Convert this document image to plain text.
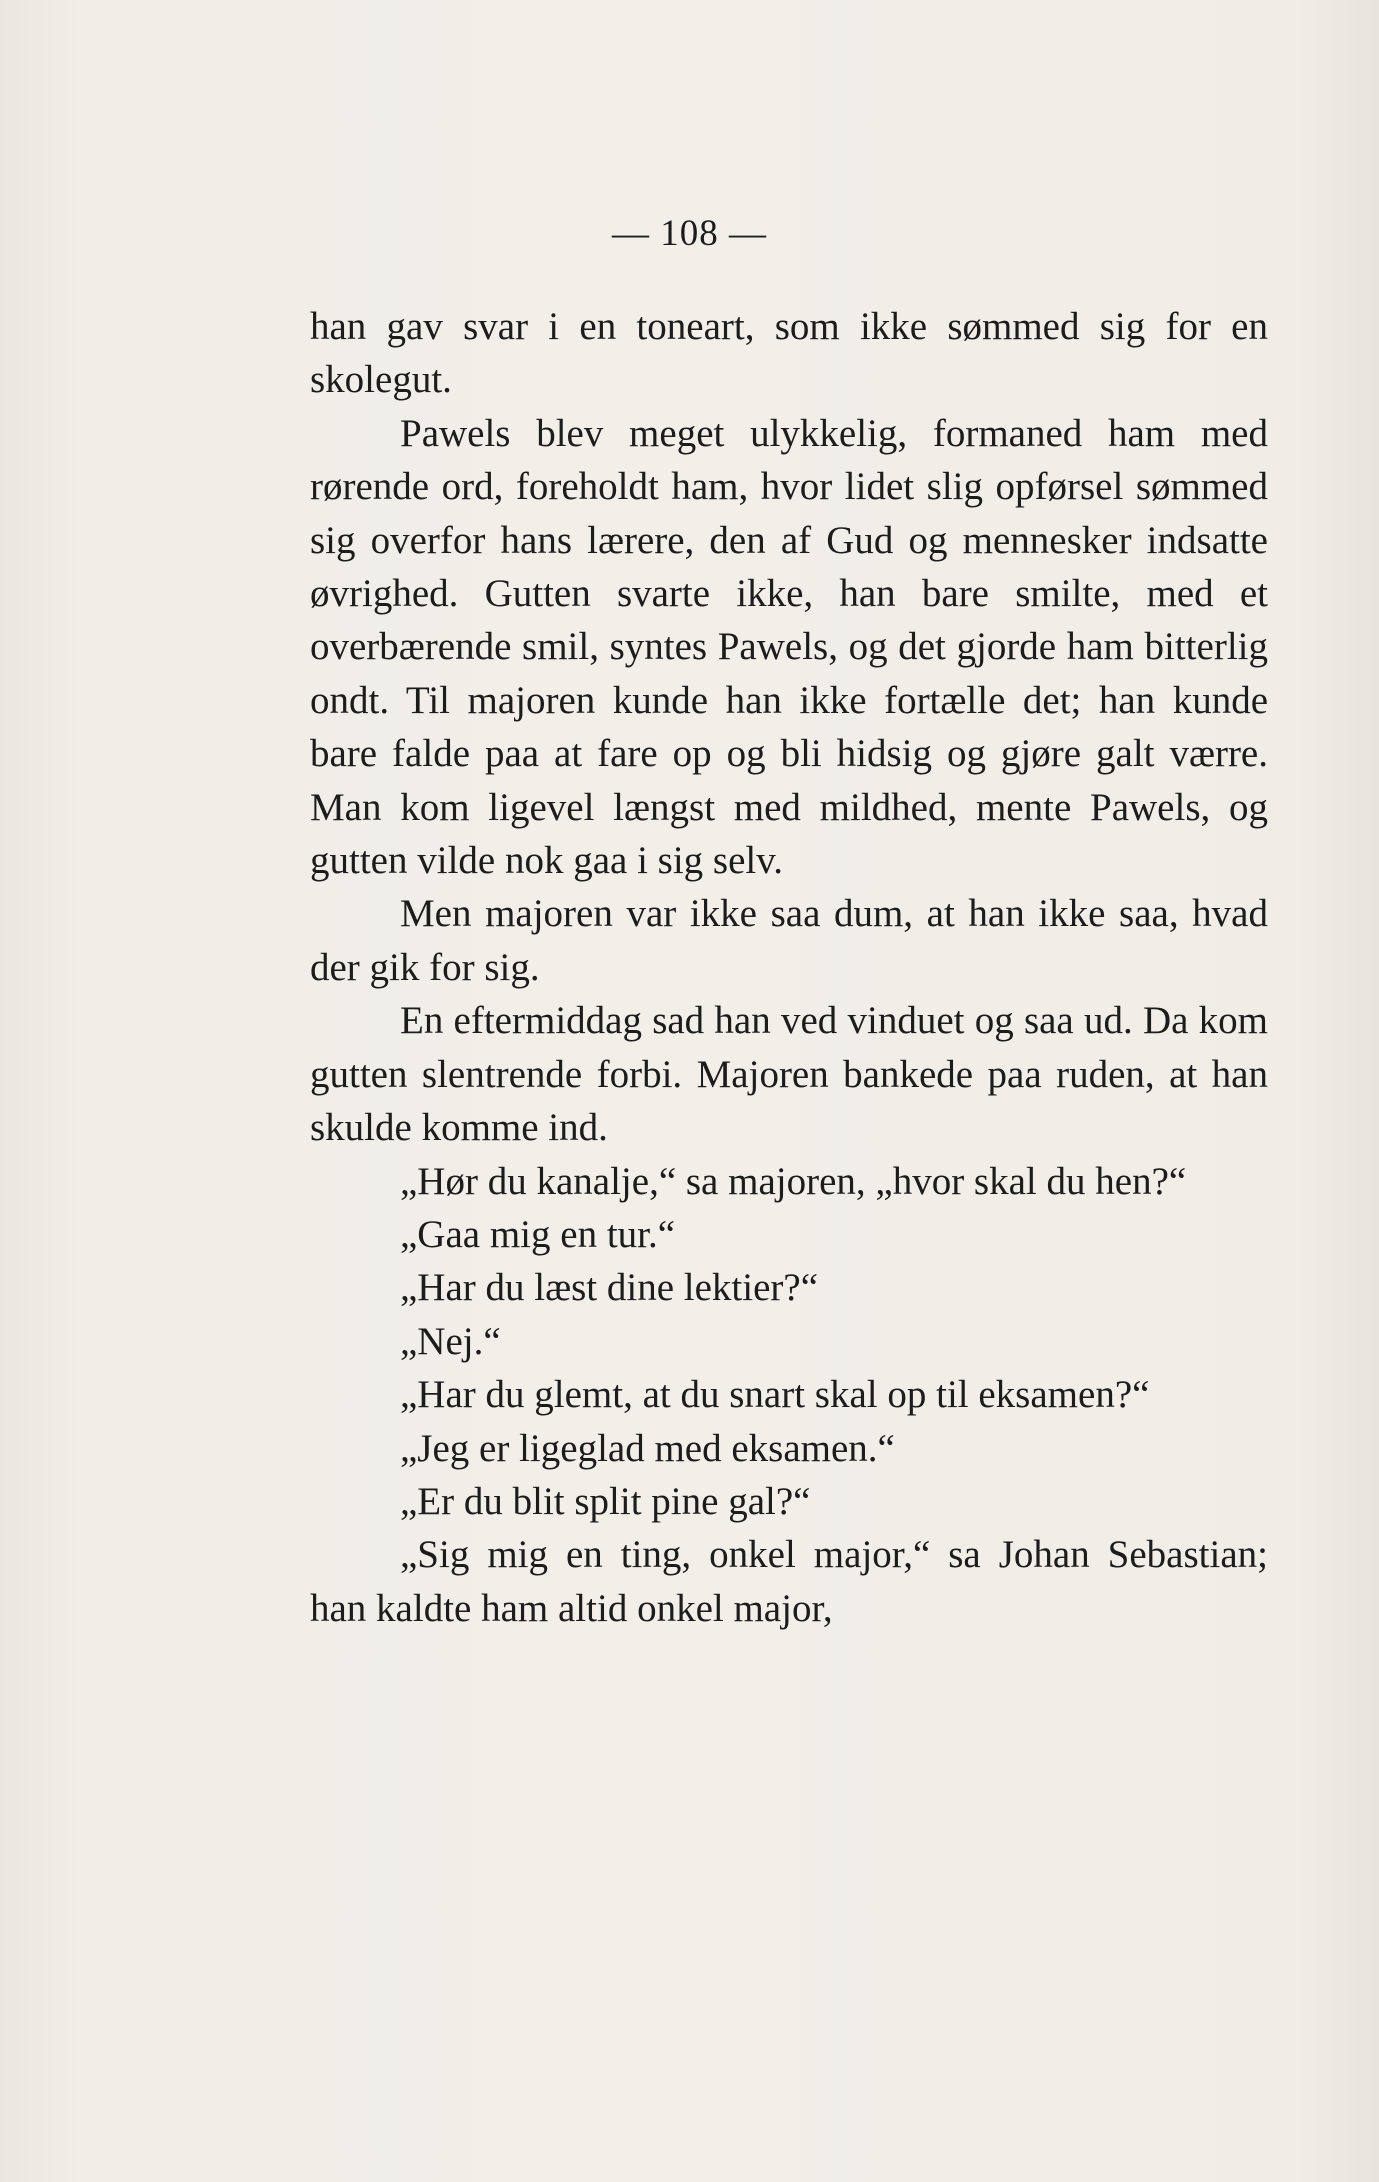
— 108 —

han gav svar i en toneart, som ikke sømmed sig for en skolegut.

Pawels blev meget ulykkelig, formaned ham med rørende ord, foreholdt ham, hvor lidet slig opførsel sømmed sig overfor hans lærere, den af Gud og mennesker indsatte øvrighed. Gutten svarte ikke, han bare smilte, med et overbærende smil, syntes Pawels, og det gjorde ham bitterlig ondt. Til majoren kunde han ikke fortælle det; han kunde bare falde paa at fare op og bli hidsig og gjøre galt værre. Man kom ligevel længst med mildhed, mente Pawels, og gutten vilde nok gaa i sig selv.

Men majoren var ikke saa dum, at han ikke saa, hvad der gik for sig.

En eftermiddag sad han ved vinduet og saa ud. Da kom gutten slentrende forbi. Majoren bankede paa ruden, at han skulde komme ind.

„Hør du kanalje,“ sa majoren, „hvor skal du hen?“

„Gaa mig en tur.“

„Har du læst dine lektier?“

„Nej.“

„Har du glemt, at du snart skal op til eksamen?“

„Jeg er ligeglad med eksamen.“

„Er du blit split pine gal?“

„Sig mig en ting, onkel major,“ sa Johan Sebastian; han kaldte ham altid onkel major,
